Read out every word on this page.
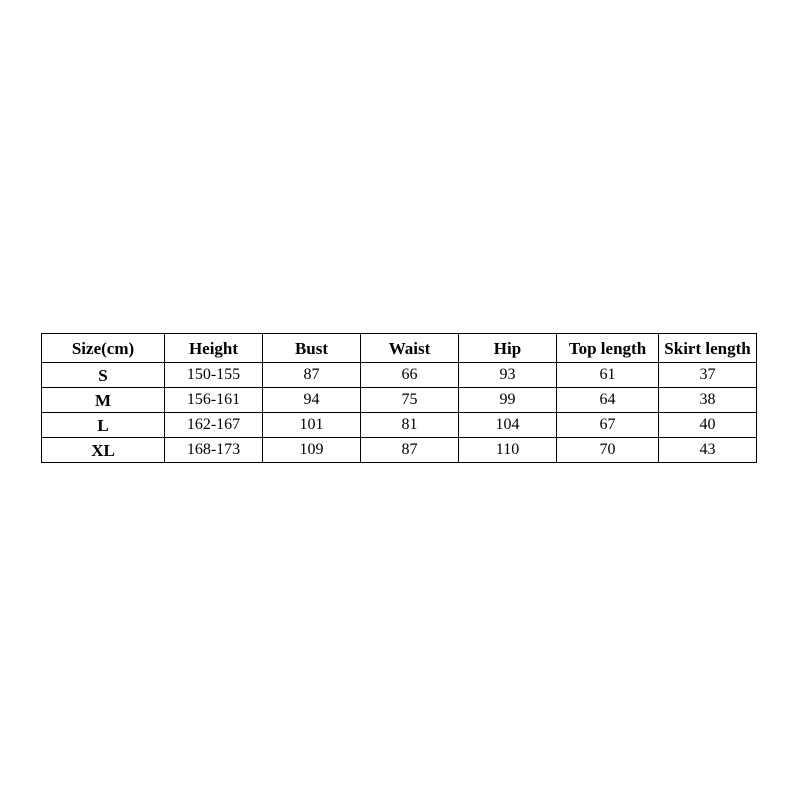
Size(cm)	Height	Bust	Waist	Hip	Top length	Skirt length
S	150-155	87	66	93	61	37
M	156-161	94	75	99	64	38
L	162-167	101	81	104	67	40
XL	168-173	109	87	110	70	43
